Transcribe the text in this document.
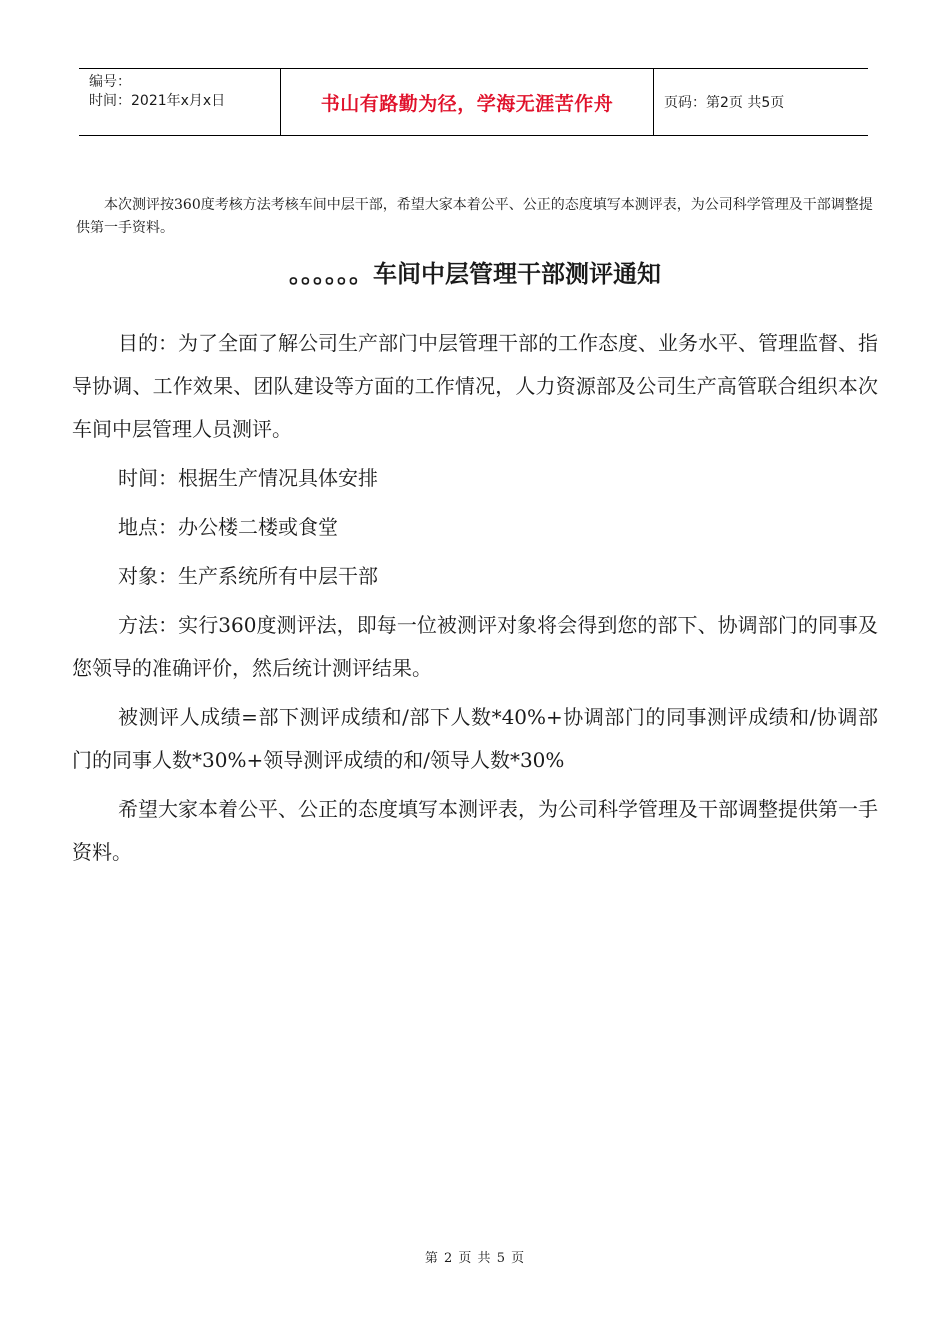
编号：
时间：2021年x月x日	书山有路勤为径，学海无涯苦作舟	页码：第2页 共5页

本次测评按360度考核方法考核车间中层干部，希望大家本着公平、公正的态度填写本测评表，为公司科学管理及干部调整提供第一手资料。

。。。。。。车间中层管理干部测评通知

目的：为了全面了解公司生产部门中层管理干部的工作态度、业务水平、管理监督、指导协调、工作效果、团队建设等方面的工作情况，人力资源部及公司生产高管联合组织本次车间中层管理人员测评。

时间：根据生产情况具体安排

地点：办公楼二楼或食堂

对象：生产系统所有中层干部

方法：实行360度测评法，即每一位被测评对象将会得到您的部下、协调部门的同事及您领导的准确评价，然后统计测评结果。

被测评人成绩=部下测评成绩和/部下人数*40%+协调部门的同事测评成绩和/协调部门的同事人数*30%+领导测评成绩的和/领导人数*30%

希望大家本着公平、公正的态度填写本测评表，为公司科学管理及干部调整提供第一手资料。

第 2 页 共 5 页
